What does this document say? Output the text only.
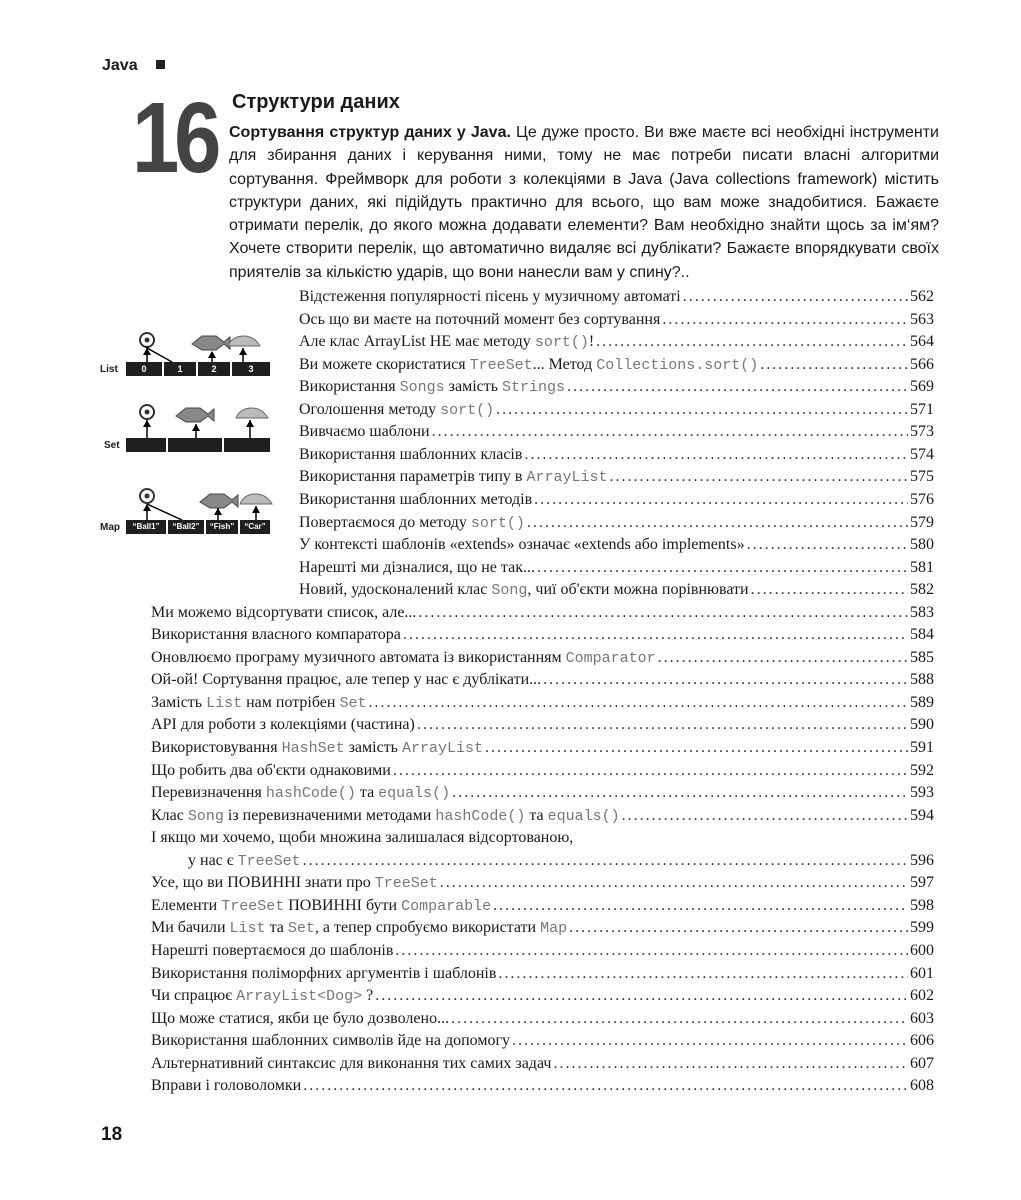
Java
16 Структури даних
Сортування структур даних у Java. Це дуже просто. Ви вже маєте всі необхідні інструменти для збирання даних і керування ними, тому не має потреби писати власні алгоритми сортування. Фреймворк для роботи з колекціями в Java (Java collections framework) містить структури даних, які підійдуть практично для всього, що вам може знадобитися. Бажаєте отримати перелік, до якого можна додавати елементи? Вам необхідно знайти щось за ім‘ям? Хочете створити перелік, що автоматично видаляє всі дублікати? Бажаєте впорядкувати своїх приятелів за кількістю ударів, що вони нанесли вам у спину?..
List	0	1	2	3
Set
Map	“Ball1”	“Ball2”	“Fish”	“Car”
Відстеження популярності пісень у музичному автоматі . . .	562
Ось що ви маєте на поточний момент без сортування . . .	563
Але клас ArrayList НЕ має методу sort()! . . .	564
Ви можете скористатися TreeSet... Метод Collections.sort() . . .	566
Використання Songs замість Strings . . .	569
Оголошення методу sort() . . .	571
Вивчаємо шаблони . . .	573
Використання шаблонних класів . . .	574
Використання параметрів типу в ArrayList . . .	575
Використання шаблонних методів . . .	576
Повертаємося до методу sort() . . .	579
У контексті шаблонів «extends» означає «extends або implements» . . .	580
Нарешті ми дізналися, що не так... . . .	581
Новий, удосконалений клас Song, чиї об'єкти можна порівнювати . . .	582
Ми можемо відсортувати список, але... . . .	583
Використання власного компаратора . . .	584
Оновлюємо програму музичного автомата із використанням Comparator . . .	585
Ой-ой! Сортування працює, але тепер у нас є дублікати... . . .	588
Замість List нам потрібен Set . . .	589
API для роботи з колекціями (частина) . . .	590
Використовування HashSet замість ArrayList . . .	591
Що робить два об'єкти однаковими . . .	592
Перевизначення hashCode() та equals() . . .	593
Клас Song із перевизначеними методами hashCode() та equals() . . .	594
І якщо ми хочемо, щоби множина залишалася відсортованою,
у нас є TreeSet . . .	596
Усе, що ви ПОВИННІ знати про TreeSet . . .	597
Елементи TreeSet ПОВИННІ бути Comparable . . .	598
Ми бачили List та Set, а тепер спробуємо використати Map . . .	599
Нарешті повертаємося до шаблонів . . .	600
Використання поліморфних аргументів і шаблонів . . .	601
Чи спрацює ArrayList<Dog> ? . . .	602
Що може статися, якби це було дозволено... . . .	603
Використання шаблонних символів йде на допомогу . . .	606
Альтернативний синтаксис для виконання тих самих задач . . .	607
Вправи і головоломки . . .	608
18
